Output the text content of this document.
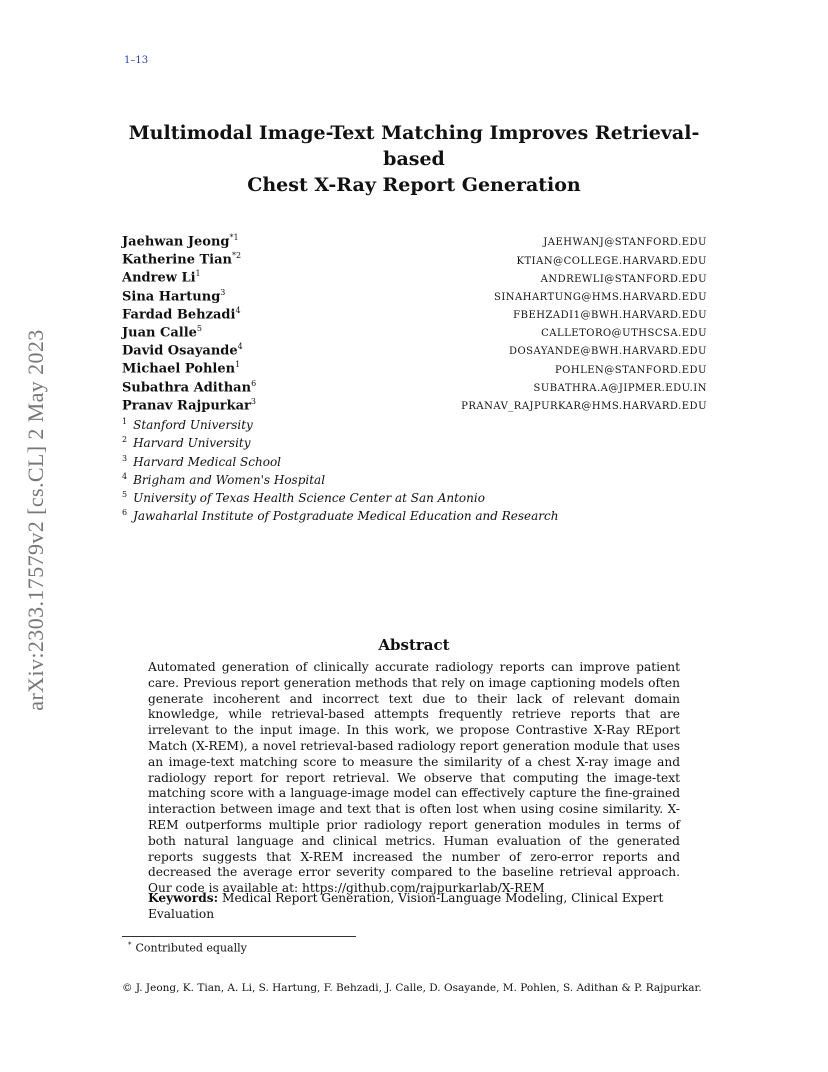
1–13
arXiv:2303.17579v2 [cs.CL] 2 May 2023
Multimodal Image-Text Matching Improves Retrieval-based
Chest X-Ray Report Generation
Jaehwan Jeong$^{*1}$	JAEHWANJ@STANFORD.EDU
Katherine Tian$^{*2}$	KTIAN@COLLEGE.HARVARD.EDU
Andrew Li$^1$	ANDREWLI@STANFORD.EDU
Sina Hartung$^3$	SINAHARTUNG@HMS.HARVARD.EDU
Fardad Behzadi$^4$	FBEHZADI1@BWH.HARVARD.EDU
Juan Calle$^5$	CALLETORO@UTHSCSA.EDU
David Osayande$^4$	DOSAYANDE@BWH.HARVARD.EDU
Michael Pohlen$^1$	POHLEN@STANFORD.EDU
Subathra Adithan$^6$	SUBATHRA.A@JIPMER.EDU.IN
Pranav Rajpurkar$^3$	PRANAV_RAJPURKAR@HMS.HARVARD.EDU
$^1$ Stanford University
$^2$ Harvard University
$^3$ Harvard Medical School
$^4$ Brigham and Women's Hospital
$^5$ University of Texas Health Science Center at San Antonio
$^6$ Jawaharlal Institute of Postgraduate Medical Education and Research
Abstract
Automated generation of clinically accurate radiology reports can improve patient care. Previous report generation methods that rely on image captioning models often generate incoherent and incorrect text due to their lack of relevant domain knowledge, while retrieval-based attempts frequently retrieve reports that are irrelevant to the input image. In this work, we propose Contrastive X-Ray REport Match (X-REM), a novel retrieval-based radiology report generation module that uses an image-text matching score to measure the similarity of a chest X-ray image and radiology report for report retrieval. We observe that computing the image-text matching score with a language-image model can effectively capture the fine-grained interaction between image and text that is often lost when using cosine similarity. X-REM outperforms multiple prior radiology report generation modules in terms of both natural language and clinical metrics. Human evaluation of the generated reports suggests that X-REM increased the number of zero-error reports and decreased the average error severity compared to the baseline retrieval approach. Our code is available at: https://github.com/rajpurkarlab/X-REM
Keywords: Medical Report Generation, Vision-Language Modeling, Clinical Expert Evaluation
* Contributed equally
© J. Jeong, K. Tian, A. Li, S. Hartung, F. Behzadi, J. Calle, D. Osayande, M. Pohlen, S. Adithan & P. Rajpurkar.
